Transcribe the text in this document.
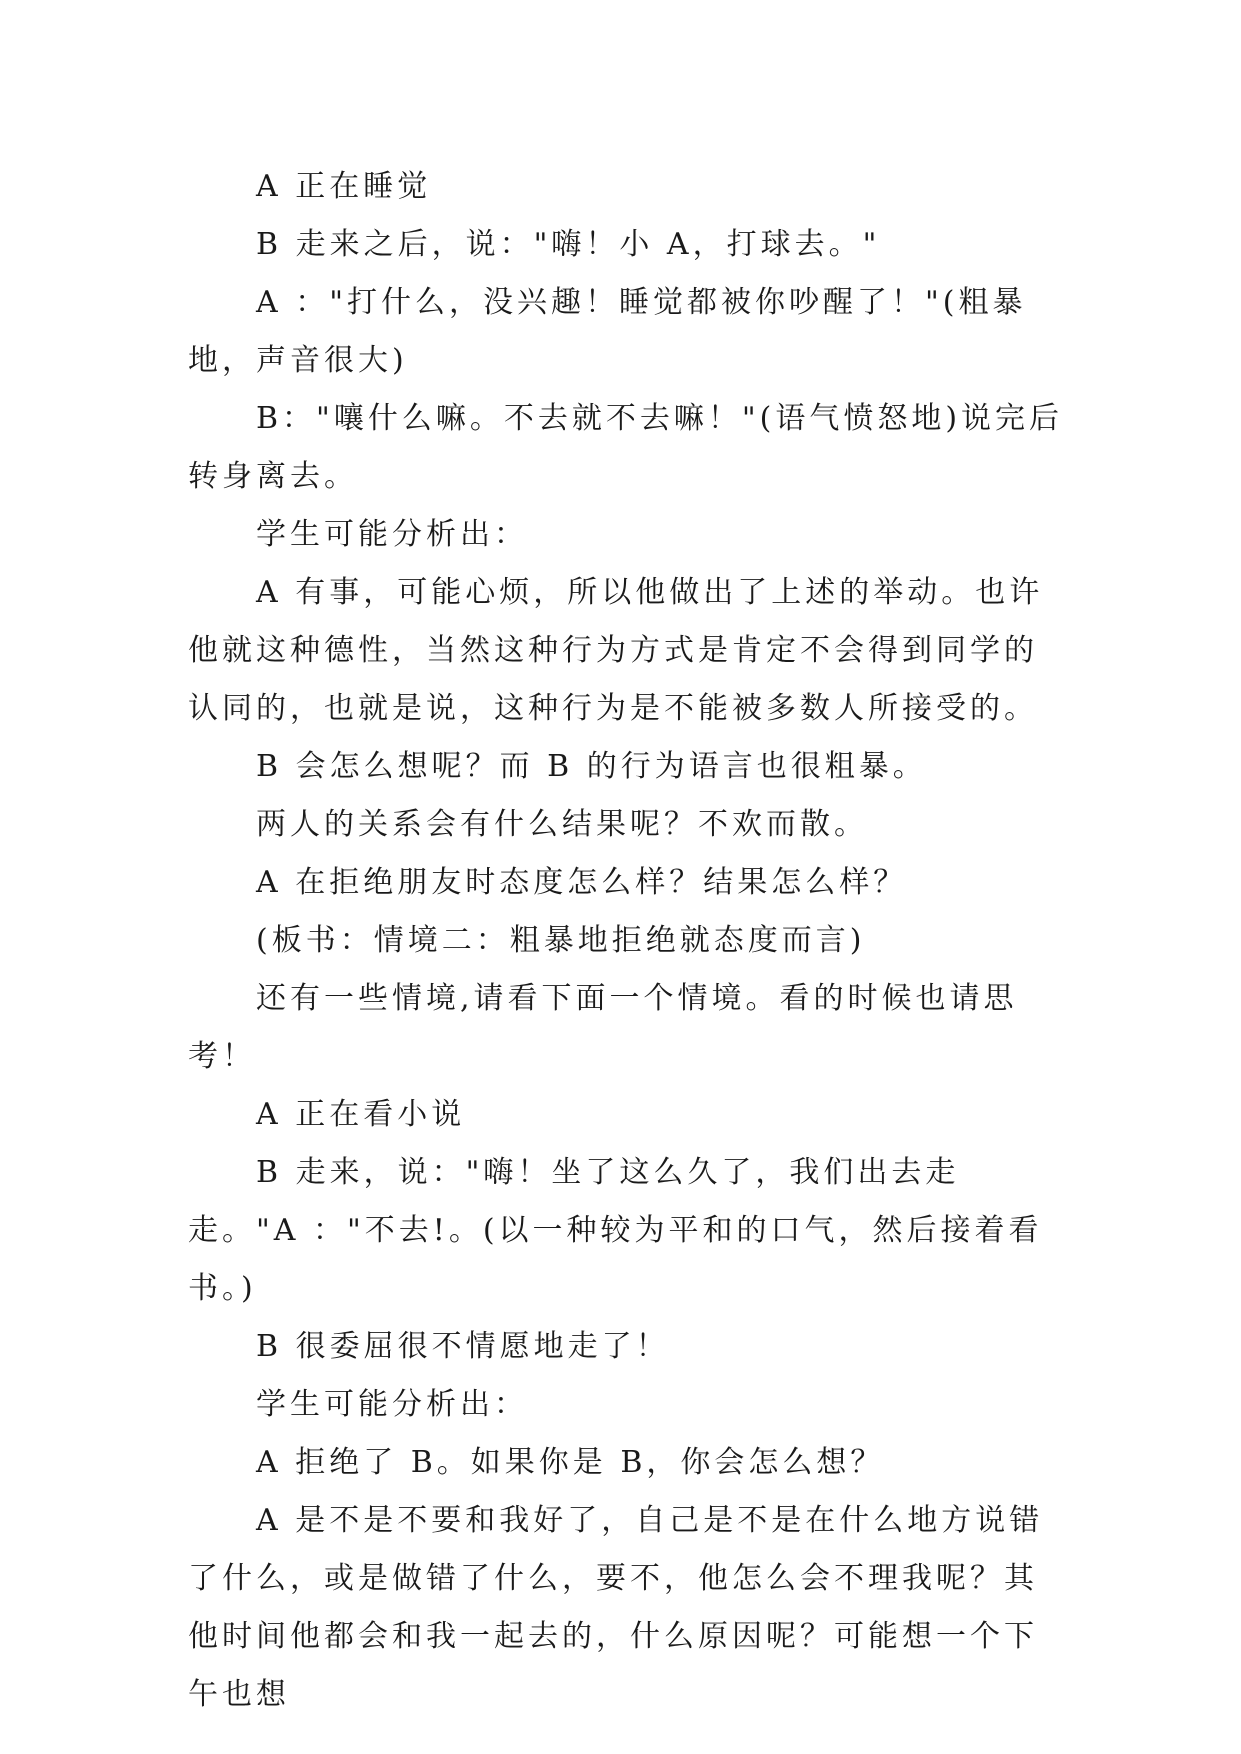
A 正在睡觉

B 走来之后，说："嗨！小 A，打球去。"

A ："打什么，没兴趣！睡觉都被你吵醒了！"(粗暴地，声音很大)

B："嚷什么嘛。不去就不去嘛！"(语气愤怒地)说完后转身离去。

学生可能分析出：

A 有事，可能心烦，所以他做出了上述的举动。也许他就这种德性，当然这种行为方式是肯定不会得到同学的认同的，也就是说，这种行为是不能被多数人所接受的。

B 会怎么想呢？而 B 的行为语言也很粗暴。

两人的关系会有什么结果呢？不欢而散。

A 在拒绝朋友时态度怎么样？结果怎么样？

(板书：情境二：粗暴地拒绝就态度而言)

还有一些情境,请看下面一个情境。看的时候也请思考！

A 正在看小说

B 走来，说："嗨！坐了这么久了，我们出去走走。"A ："不去!。(以一种较为平和的口气，然后接着看书。)

B 很委屈很不情愿地走了！

学生可能分析出：

A 拒绝了 B。如果你是 B，你会怎么想？

A 是不是不要和我好了，自己是不是在什么地方说错了什么，或是做错了什么，要不，他怎么会不理我呢？其他时间他都会和我一起去的，什么原因呢？可能想一个下午也想
